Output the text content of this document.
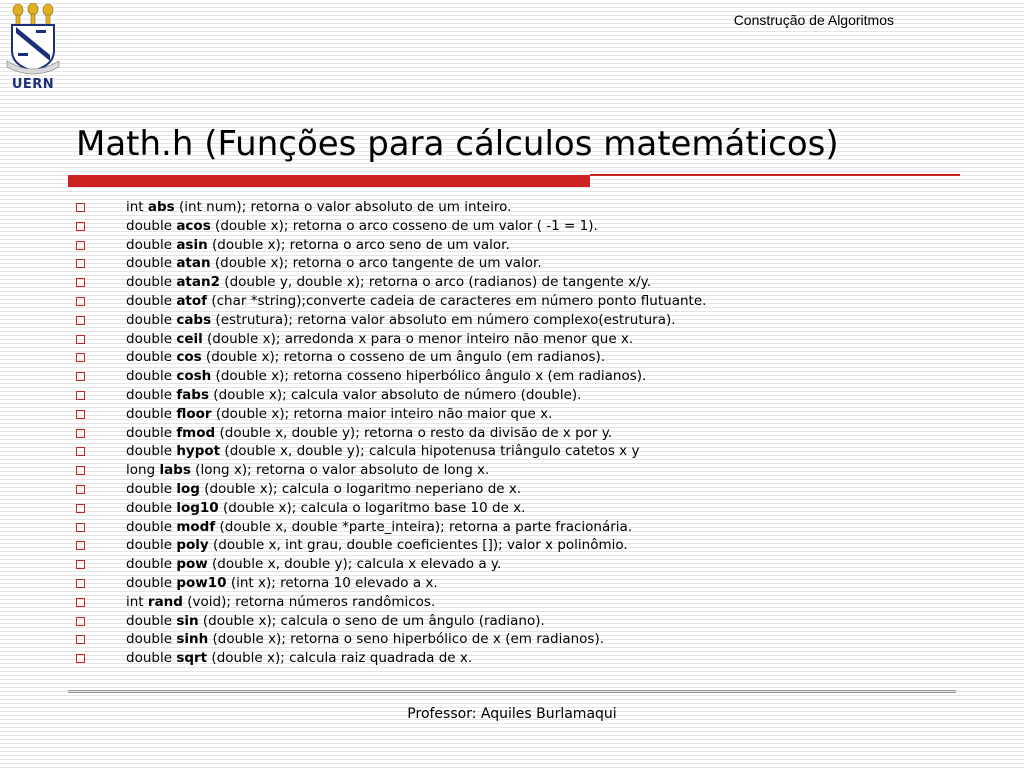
UERN
Construção de Algoritmos
Math.h (Funções para cálculos matemáticos)
int abs (int num); retorna o valor absoluto de um inteiro.
double acos (double x); retorna o arco cosseno de um valor ( -1 = 1).
double asin (double x); retorna o arco seno de um valor.
double atan (double x); retorna o arco tangente de um valor.
double atan2 (double y, double x); retorna o arco (radianos) de tangente x/y.
double atof (char *string);converte cadeia de caracteres em número ponto flutuante.
double cabs (estrutura); retorna valor absoluto em número complexo(estrutura).
double ceil (double x); arredonda x para o menor inteiro não menor que x.
double cos (double x); retorna o cosseno de um ângulo (em radianos).
double cosh (double x); retorna cosseno hiperbólico ângulo x (em radianos).
double fabs (double x); calcula valor absoluto de número (double).
double floor (double x); retorna maior inteiro não maior que x.
double fmod (double x, double y); retorna o resto da divisão de x por y.
double hypot (double x, double y); calcula hipotenusa triângulo catetos x y
long labs (long x); retorna o valor absoluto de long x.
double log (double x); calcula o logaritmo neperiano de x.
double log10 (double x); calcula o logaritmo base 10 de x.
double modf (double x, double *parte_inteira); retorna a parte fracionária.
double poly (double x, int grau, double coeficientes []); valor x polinômio.
double pow (double x, double y); calcula x elevado a y.
double pow10 (int x); retorna 10 elevado a x.
int rand (void); retorna números randômicos.
double sin (double x); calcula o seno de um ângulo (radiano).
double sinh (double x); retorna o seno hiperbólico de x (em radianos).
double sqrt (double x); calcula raiz quadrada de x.
Professor: Aquiles Burlamaqui
